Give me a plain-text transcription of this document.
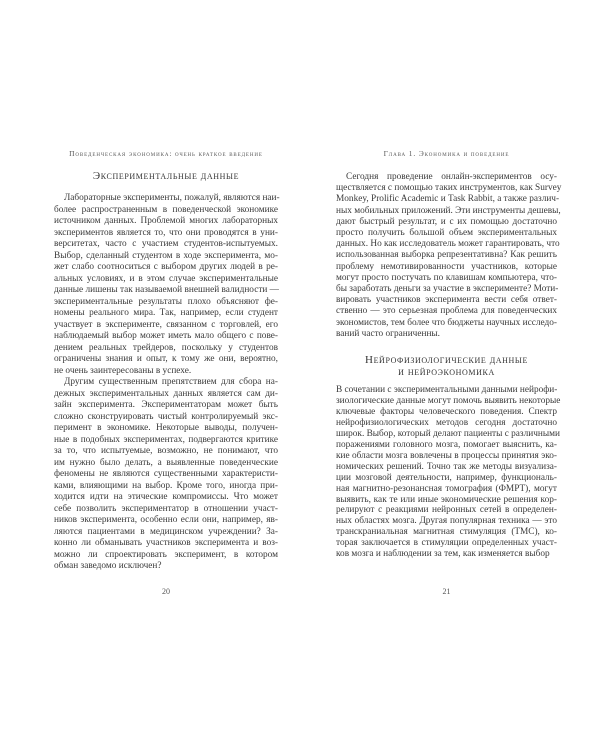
Поведенческая экономика: очень краткое введение
Экспериментальные данные
Лабораторные эксперименты, пожалуй, являются наи-
более распространенным в поведенческой экономике
источником данных. Проблемой многих лабораторных
экспериментов является то, что они проводятся в уни-
верситетах, часто с участием студентов-испытуемых.
Выбор, сделанный студентом в ходе эксперимента, мо-
жет слабо соотноситься с выбором других людей в ре-
альных условиях, и в этом случае экспериментальные
данные лишены так называемой внешней валидности —
экспериментальные результаты плохо объясняют фе-
номены реального мира. Так, например, если студент
участвует в эксперименте, связанном с торговлей, его
наблюдаемый выбор может иметь мало общего с пове-
дением реальных трейдеров, поскольку у студентов
ограничены знания и опыт, к тому же они, вероятно,
не очень заинтересованы в успехе.
Другим существенным препятствием для сбора на-
дежных экспериментальных данных является сам ди-
зайн эксперимента. Экспериментаторам может быть
сложно сконструировать чистый контролируемый экс-
перимент в экономике. Некоторые выводы, получен-
ные в подобных экспериментах, подвергаются критике
за то, что испытуемые, возможно, не понимают, что
им нужно было делать, а выявленные поведенческие
феномены не являются существенными характеристи-
ками, влияющими на выбор. Кроме того, иногда при-
ходится идти на этические компромиссы. Что может
себе позволить экспериментатор в отношении участ-
ников эксперимента, особенно если они, например, яв-
ляются пациентами в медицинском учреждении? За-
конно ли обманывать участников эксперимента и воз-
можно ли спроектировать эксперимент, в котором
обман заведомо исключен?
20
Глава 1. Экономика и поведение
Сегодня проведение онлайн-экспериментов осу-
ществляется с помощью таких инструментов, как Survey
Monkey, Prolific Academic и Task Rabbit, а также различ-
ных мобильных приложений. Эти инструменты дешевы,
дают быстрый результат, и с их помощью достаточно
просто получить большой объем экспериментальных
данных. Но как исследователь может гарантировать, что
использованная выборка репрезентативна? Как решить
проблему немотивированности участников, которые
могут просто постучать по клавишам компьютера, что-
бы заработать деньги за участие в эксперименте? Моти-
вировать участников эксперимента вести себя ответ-
ственно — это серьезная проблема для поведенческих
экономистов, тем более что бюджеты научных исследо-
ваний часто ограниченны.
Нейрофизиологические данные
и нейроэкономика
В сочетании с экспериментальными данными нейрофи-
зиологические данные могут помочь выявить некоторые
ключевые факторы человеческого поведения. Спектр
нейрофизиологических методов сегодня достаточно
широк. Выбор, который делают пациенты с различными
поражениями головного мозга, помогает выяснить, ка-
кие области мозга вовлечены в процессы принятия эко-
номических решений. Точно так же методы визуализа-
ции мозговой деятельности, например, функциональ-
ная магнитно-резонансная томография (ФМРТ), могут
выявить, как те или иные экономические решения кор-
релируют с реакциями нейронных сетей в определен-
ных областях мозга. Другая популярная техника — это
транскраниальная магнитная стимуляция (ТМС), ко-
торая заключается в стимуляции определенных участ-
ков мозга и наблюдении за тем, как изменяется выбор
21
